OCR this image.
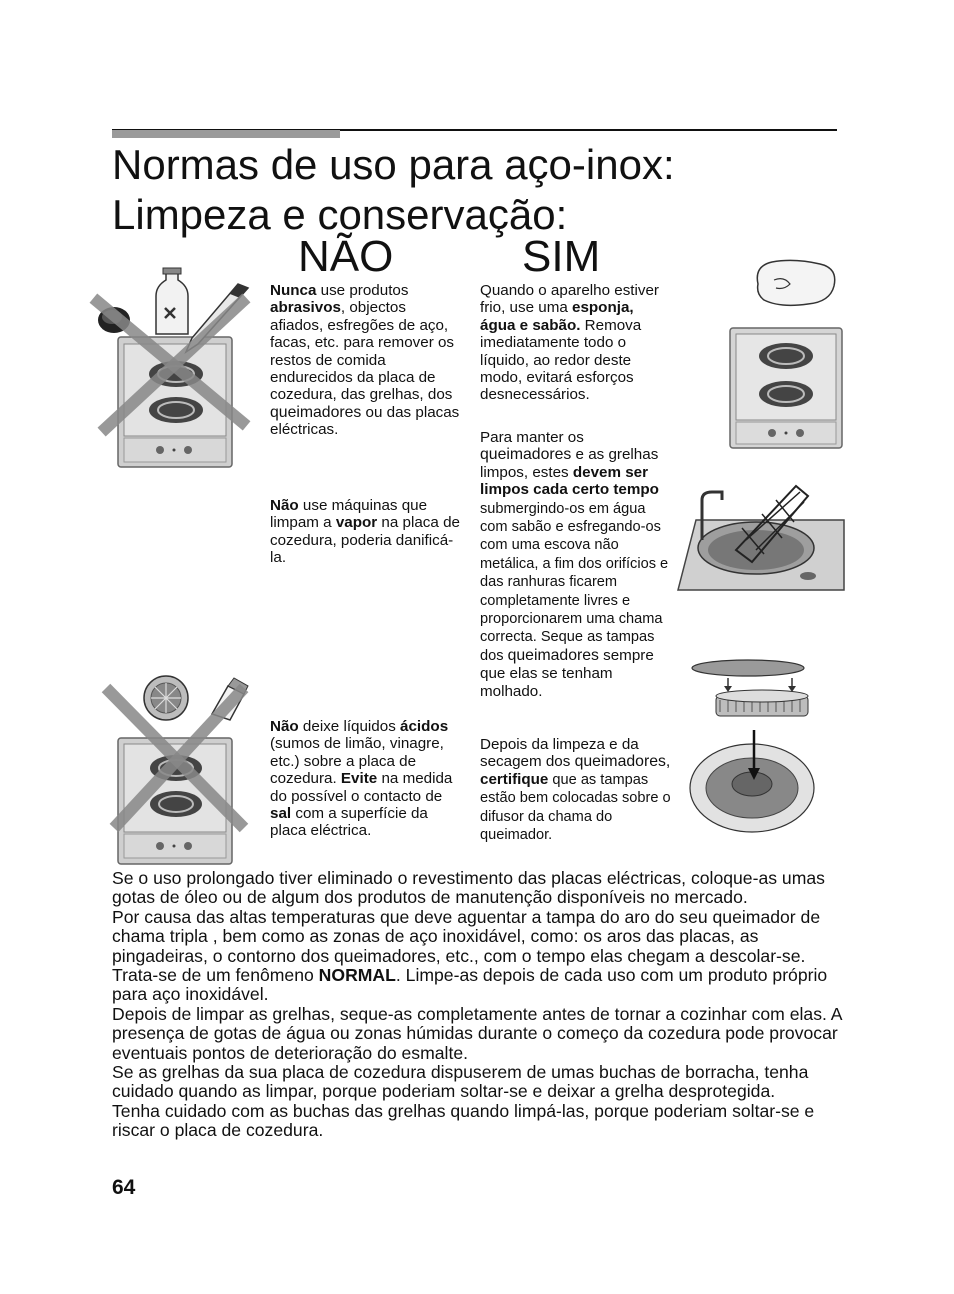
Normas de uso para aço-inox:
Limpeza e conservação:
NÃO	SIM

Nunca use produtos abrasivos, objectos afiados, esfregões de aço, facas, etc. para remover os restos de comida endurecidos da placa de cozedura, das grelhas, dos queimadores ou das placas eléctricas.

Não use máquinas que limpam a vapor na placa de cozedura, poderia danificá-la.

Não deixe líquidos ácidos (sumos de limão, vinagre, etc.) sobre a placa de cozedura. Evite na medida do possível o contacto de sal com a superfície da placa eléctrica.

Quando o aparelho estiver frio, use uma esponja, água e sabão. Remova imediatamente todo o líquido, ao redor deste modo, evitará esforços desnecessários.

Para manter os queimadores e as grelhas limpos, estes devem ser limpos cada certo tempo submergindo-os em água com sabão e esfregando-os com uma escova não metálica, a fim dos orifícios e das ranhuras ficarem completamente livres e proporcionarem uma chama correcta. Seque as tampas dos queimadores sempre que elas se tenham molhado.

Depois da limpeza e da secagem dos queimadores, certifique que as tampas estão bem colocadas sobre o difusor da chama do queimador.

Se o uso prolongado tiver eliminado o revestimento das placas eléctricas, coloque-as umas gotas de óleo ou de algum dos produtos de manutenção disponíveis no mercado.

Por causa das altas temperaturas que deve aguentar a tampa do aro do seu queimador de chama tripla , bem como as zonas de aço inoxidável, como: os aros das placas, as pingadeiras, o contorno dos queimadores, etc., com o tempo elas chegam a descolar-se. Trata-se de um fenômeno NORMAL. Limpe-as depois de cada uso com um produto próprio para aço inoxidável.

Depois de limpar as grelhas, seque-as completamente antes de tornar a cozinhar com elas. A presença de gotas de água ou zonas húmidas durante o começo da cozedura pode provocar eventuais pontos de deterioração do esmalte.

Se as grelhas da sua placa de cozedura dispuserem de umas buchas de borracha, tenha cuidado quando as limpar, porque poderiam soltar-se e deixar a grelha desprotegida.

Tenha cuidado com as buchas das grelhas quando limpá-las, porque poderiam soltar-se e riscar o placa de cozedura.

64
